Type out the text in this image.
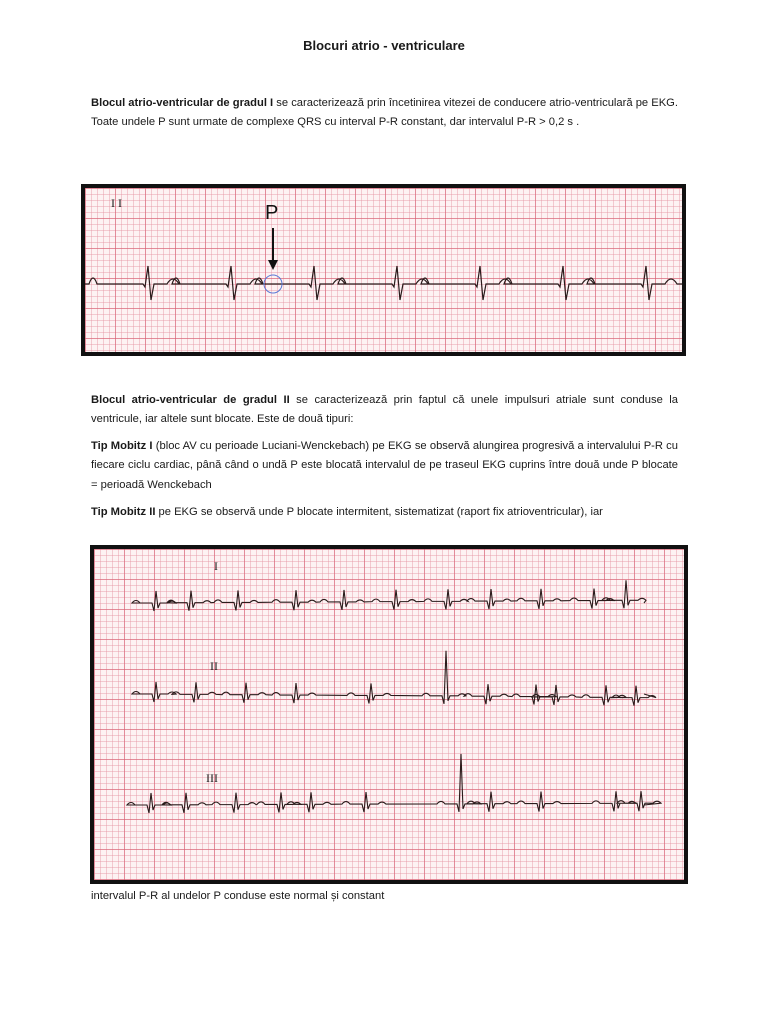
Blocuri atrio - ventriculare

Blocul atrio-ventricular de gradul I se caracterizează prin încetinirea vitezei de conducere atrio-ventriculară pe EKG. Toate undele P sunt urmate de complexe QRS cu interval P-R constant, dar intervalul P-R > 0,2 s .

I I	P

Blocul atrio-ventricular de gradul II se caracterizează prin faptul că unele impulsuri atriale sunt conduse la ventricule, iar altele sunt blocate. Este de două tipuri:

Tip Mobitz I (bloc AV cu perioade Luciani-Wenckebach) pe EKG se observă alungirea progresivă a intervalului P-R cu fiecare ciclu cardiac, până când o undă P este blocată intervalul de pe traseul EKG cuprins între două unde P blocate = perioadă Wenckebach

Tip Mobitz II pe EKG se observă unde P blocate intermitent, sistematizat (raport fix atrioventricular), iar

I
II
III

intervalul P-R al undelor P conduse este normal și constant
